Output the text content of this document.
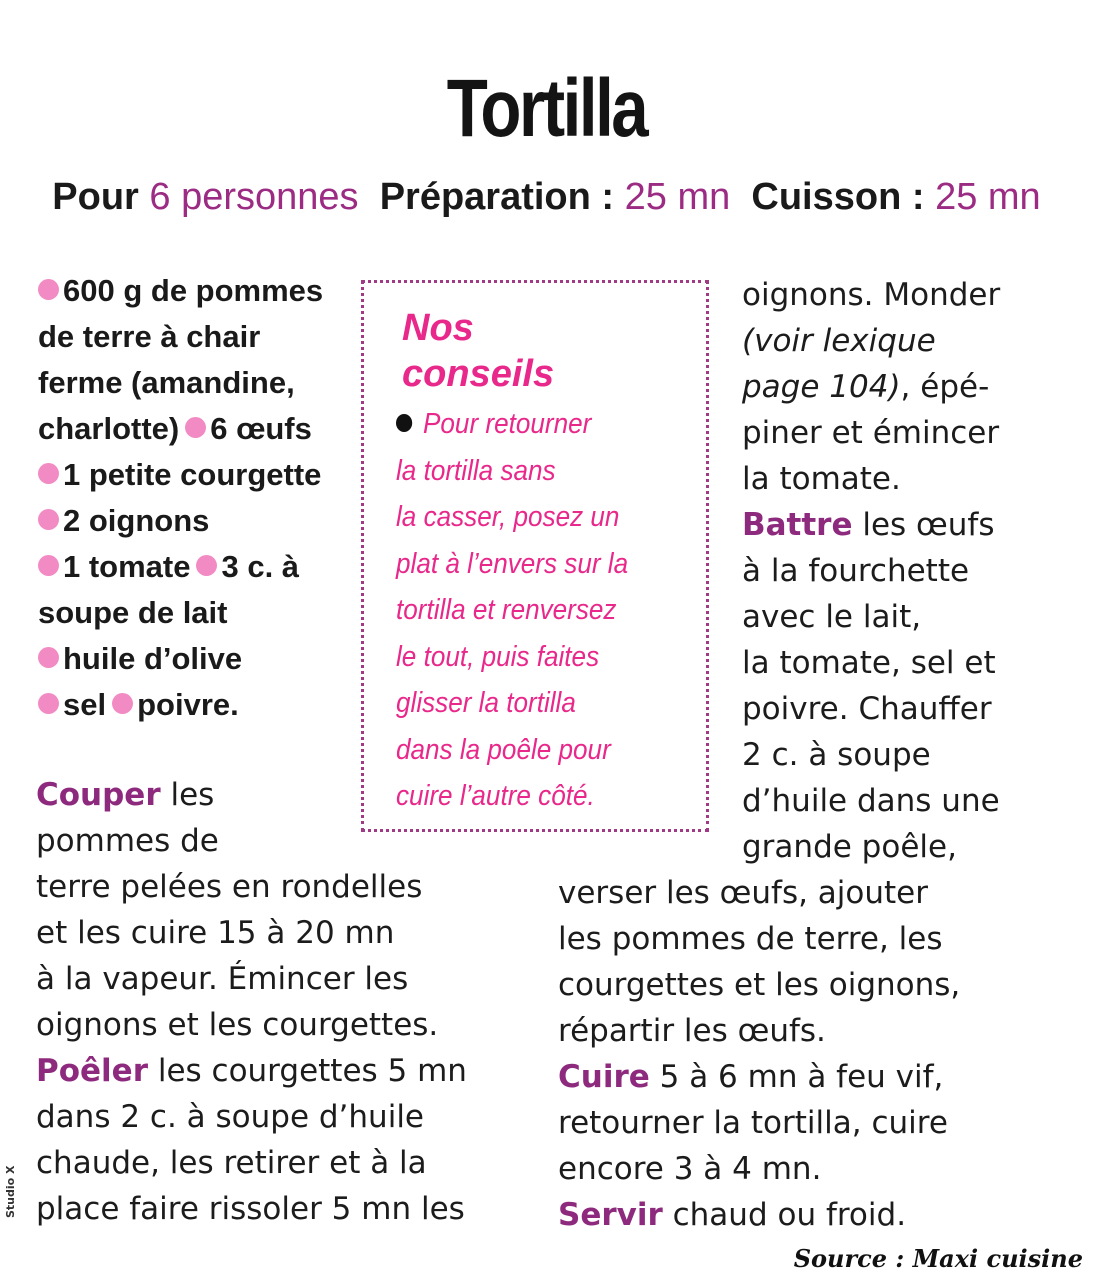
Tortilla
Pour 6 personnes Préparation : 25 mn Cuisson : 25 mn
600 g de pommes
de terre à chair
ferme (amandine,
charlotte) 6 œufs
1 petite courgette
2 oignons
1 tomate 3 c. à
soupe de lait
huile d’olive
sel poivre.
Nos
conseils
Pour retourner
la tortilla sans
la casser, posez un
plat à l’envers sur la
tortilla et renversez
le tout, puis faites
glisser la tortilla
dans la poêle pour
cuire l’autre côté.
Couper les
pommes de
terre pelées en rondelles
et les cuire 15 à 20 mn
à la vapeur. Émincer les
oignons et les courgettes.
Poêler les courgettes 5 mn
dans 2 c. à soupe d’huile
chaude, les retirer et à la
place faire rissoler 5 mn les
oignons. Monder
(voir lexique
page 104), épé-
piner et émincer
la tomate.
Battre les œufs
à la fourchette
avec le lait,
la tomate, sel et
poivre. Chauffer
2 c. à soupe
d’huile dans une
grande poêle,
verser les œufs, ajouter
les pommes de terre, les
courgettes et les oignons,
répartir les œufs.
Cuire 5 à 6 mn à feu vif,
retourner la tortilla, cuire
encore 3 à 4 mn.
Servir chaud ou froid.
Studio X
Source : Maxi cuisine
